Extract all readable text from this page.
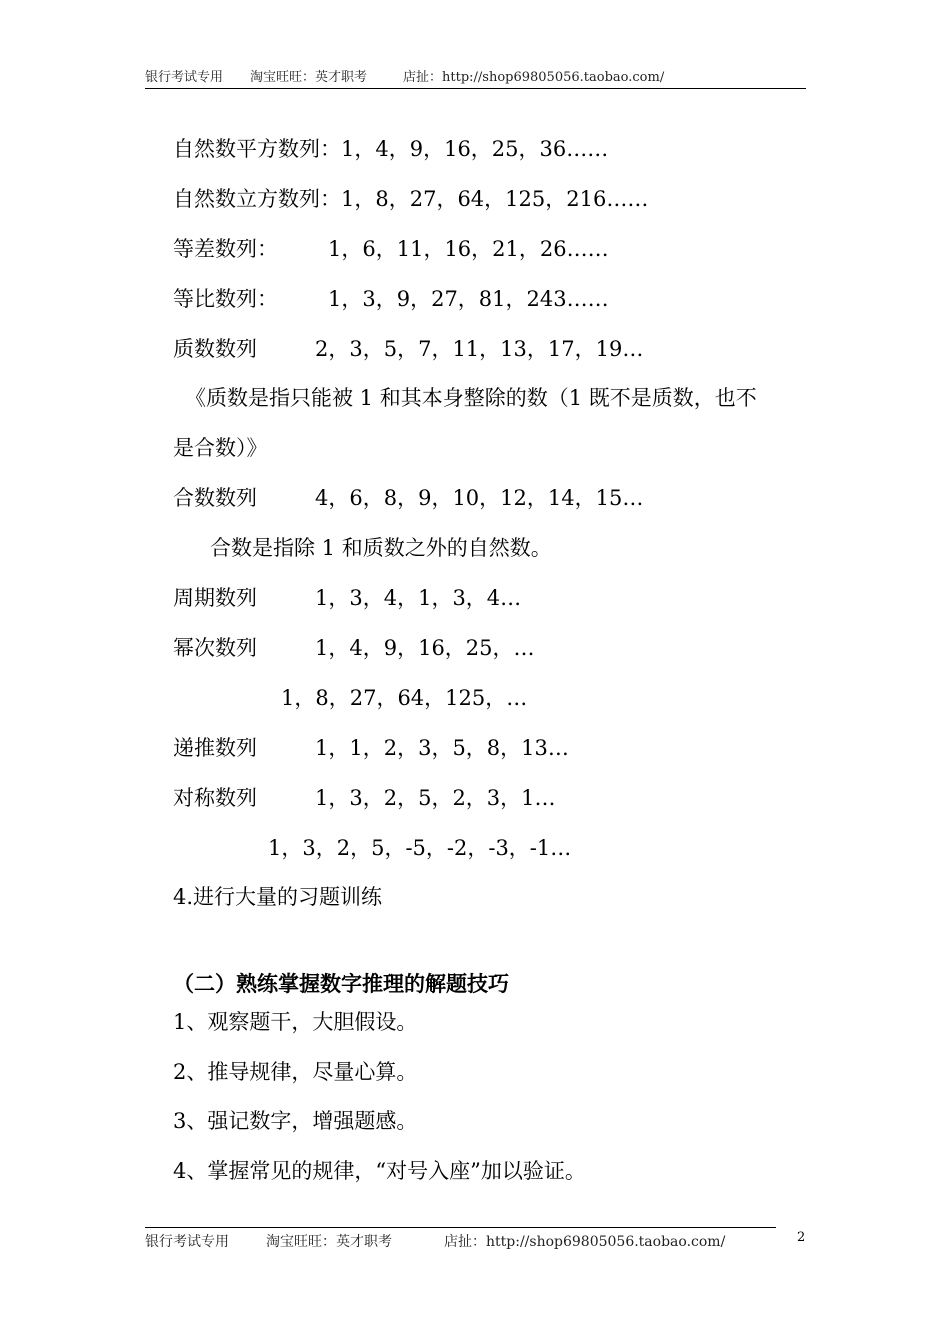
银行考试专用 淘宝旺旺：英才职考	店扯：http://shop69805056.taobao.com/
自然数平方数列：1，4，9，16，25，36……
自然数立方数列：1，8，27，64，125，216……
等差数列： 1，6，11，16，21，26……
等比数列： 1，3，9，27，81，243……
质数数列	2，3，5，7，11，13，17，19…
《质数是指只能被 1 和其本身整除的数（1 既不是质数，也不
是合数）》
合数数列	4，6，8，9，10，12，14，15…
合数是指除 1 和质数之外的自然数。
周期数列	1，3，4，1，3，4…
幂次数列	1，4，9，16，25，…
1，8，27，64，125，…
递推数列	1，1，2，3，5，8，13…
对称数列	1，3，2，5，2，3，1…
1，3，2，5，-5，-2，-3，-1…
4.进行大量的习题训练
（二）熟练掌握数字推理的解题技巧
1、观察题干，大胆假设。
2、推导规律，尽量心算。
3、强记数字，增强题感。
4、掌握常见的规律，“对号入座”加以验证。
银行考试专用	淘宝旺旺：英才职考	店扯：http://shop69805056.taobao.com/	2
